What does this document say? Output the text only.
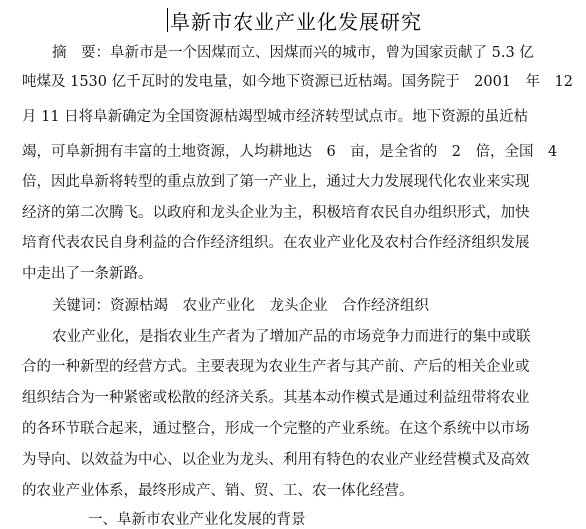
阜新市农业产业化发展研究
摘　要：阜新市是一个因煤而立、因煤而兴的城市，曾为国家贡献了 5.3 亿
吨煤及 1530 亿千瓦时的发电量，如今地下资源已近枯竭。国务院于　2001　年　12
月 11 日将阜新确定为全国资源枯竭型城市经济转型试点市。地下资源的虽近枯
竭，可阜新拥有丰富的土地资源，人均耕地达　6　亩，是全省的　2　倍，全国　4
倍，因此阜新将转型的重点放到了第一产业上，通过大力发展现代化农业来实现
经济的第二次腾飞。以政府和龙头企业为主，积极培育农民自办组织形式，加快
培育代表农民自身利益的合作经济组织。在农业产业化及农村合作经济组织发展
中走出了一条新路。
关键词：资源枯竭　农业产业化　龙头企业　合作经济组织
农业产业化，是指农业生产者为了增加产品的市场竞争力而进行的集中或联
合的一种新型的经营方式。主要表现为农业生产者与其产前、产后的相关企业或
组织结合为一种紧密或松散的经济关系。其基本动作模式是通过利益纽带将农业
的各环节联合起来，通过整合，形成一个完整的产业系统。在这个系统中以市场
为导向、以效益为中心、以企业为龙头、利用有特色的农业产业经营模式及高效
的农业产业体系，最终形成产、销、贸、工、农一体化经营。
一、阜新市农业产业化发展的背景
